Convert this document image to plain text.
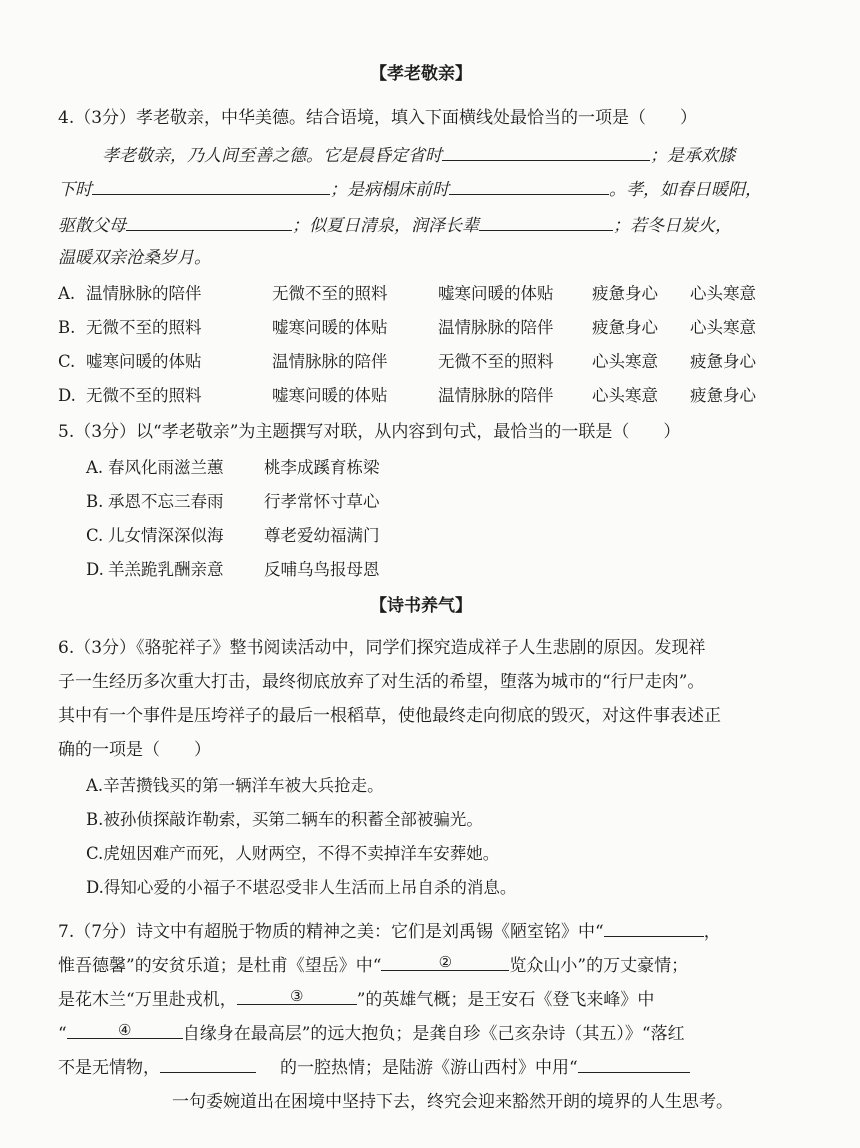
【孝老敬亲】
4.（3分）孝老敬亲，中华美德。结合语境，填入下面横线处最恰当的一项是（　　）
孝老敬亲，乃人间至善之德。它是晨昏定省时	；是承欢膝
下时	；是病榻床前时	。孝，如春日暖阳，
驱散父母	；似夏日清泉，润泽长辈	；若冬日炭火，
温暖双亲沧桑岁月。
A. 温情脉脉的陪伴	无微不至的照料	嘘寒问暖的体贴 疲惫身心 心头寒意
B. 无微不至的照料	嘘寒问暖的体贴	温情脉脉的陪伴 疲惫身心 心头寒意
C. 嘘寒问暖的体贴	温情脉脉的陪伴	无微不至的照料 心头寒意 疲惫身心
D. 无微不至的照料	嘘寒问暖的体贴	温情脉脉的陪伴 心头寒意 疲惫身心
5.（3分）以“孝老敬亲”为主题撰写对联，从内容到句式，最恰当的一联是（　　）
A. 春风化雨滋兰蕙 桃李成蹊育栋梁
B. 承恩不忘三春雨 行孝常怀寸草心
C. 儿女情深深似海 尊老爱幼福满门
D. 羊羔跪乳酬亲意 反哺乌鸟报母恩
【诗书养气】
6.（3分）《骆驼祥子》整书阅读活动中，同学们探究造成祥子人生悲剧的原因。发现祥
子一生经历多次重大打击，最终彻底放弃了对生活的希望，堕落为城市的“行尸走肉”。
其中有一个事件是压垮祥子的最后一根稻草，使他最终走向彻底的毁灭，对这件事表述正
确的一项是（　　）
A.辛苦攒钱买的第一辆洋车被大兵抢走。
B.被孙侦探敲诈勒索，买第二辆车的积蓄全部被骗光。
C.虎妞因难产而死，人财两空，不得不卖掉洋车安葬她。
D.得知心爱的小福子不堪忍受非人生活而上吊自杀的消息。
7.（7分）诗文中有超脱于物质的精神之美：它们是刘禹锡《陋室铭》中“	，
惟吾德馨”的安贫乐道；是杜甫《望岳》中“	②	览众山小”的万丈豪情；
是花木兰“万里赴戎机，	③	”的英雄气概；是王安石《登飞来峰》中
“	④	自缘身在最高层”的远大抱负；是龚自珍《己亥杂诗（其五）》“落红
不是无情物，	的一腔热情；是陆游《游山西村》中用“
一句委婉道出在困境中坚持下去，终究会迎来豁然开朗的境界的人生思考。
